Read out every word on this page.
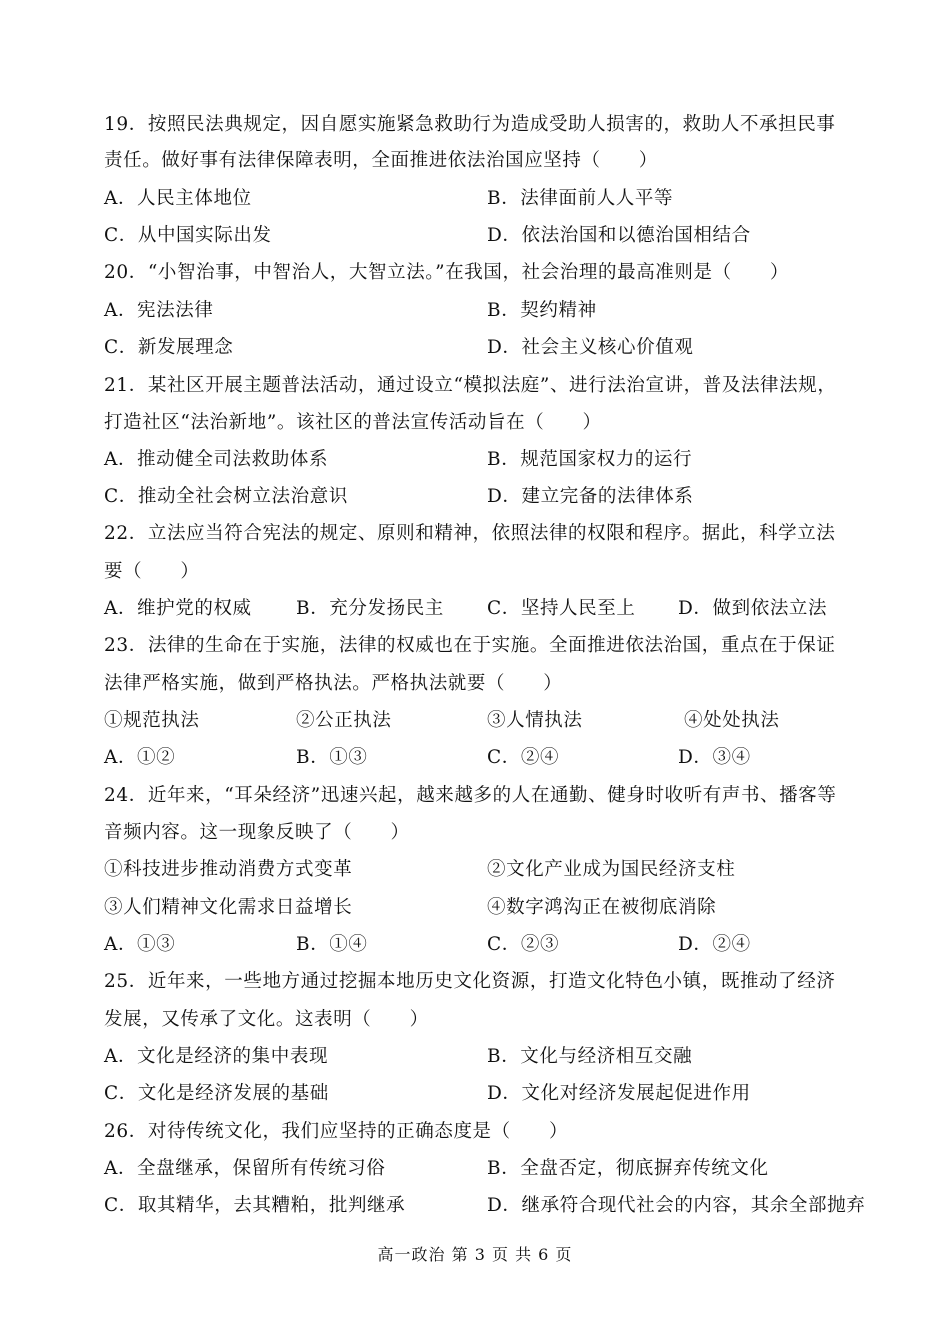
19．按照民法典规定，因自愿实施紧急救助行为造成受助人损害的，救助人不承担民事
责任。做好事有法律保障表明，全面推进依法治国应坚持（　　）
A．人民主体地位	B．法律面前人人平等
C．从中国实际出发	D．依法治国和以德治国相结合
20．“小智治事，中智治人，大智立法。”在我国，社会治理的最高准则是（　　）
A．宪法法律	B．契约精神
C．新发展理念	D．社会主义核心价值观
21．某社区开展主题普法活动，通过设立“模拟法庭”、进行法治宣讲，普及法律法规，
打造社区“法治新地”。该社区的普法宣传活动旨在（　　）
A．推动健全司法救助体系	B．规范国家权力的运行
C．推动全社会树立法治意识	D．建立完备的法律体系
22．立法应当符合宪法的规定、原则和精神，依照法律的权限和程序。据此，科学立法
要（　　）
A．维护党的权威 B．充分发扬民主 C．坚持人民至上 D．做到依法立法
23．法律的生命在于实施，法律的权威也在于实施。全面推进依法治国，重点在于保证
法律严格实施，做到严格执法。严格执法就要（　　）
①规范执法	②公正执法	③人情执法	④处处执法
A．①②	B．①③	C．②④	D．③④
24．近年来，“耳朵经济”迅速兴起，越来越多的人在通勤、健身时收听有声书、播客等
音频内容。这一现象反映了（　　）
①科技进步推动消费方式变革	②文化产业成为国民经济支柱
③人们精神文化需求日益增长	④数字鸿沟正在被彻底消除
A．①③	B．①④	C．②③	D．②④
25．近年来，一些地方通过挖掘本地历史文化资源，打造文化特色小镇，既推动了经济
发展，又传承了文化。这表明（　　）
A．文化是经济的集中表现	B．文化与经济相互交融
C．文化是经济发展的基础	D．文化对经济发展起促进作用
26．对待传统文化，我们应坚持的正确态度是（　　）
A．全盘继承，保留所有传统习俗	B．全盘否定，彻底摒弃传统文化
C．取其精华，去其糟粕，批判继承	D．继承符合现代社会的内容，其余全部抛弃
高一政治 第 3 页 共 6 页
